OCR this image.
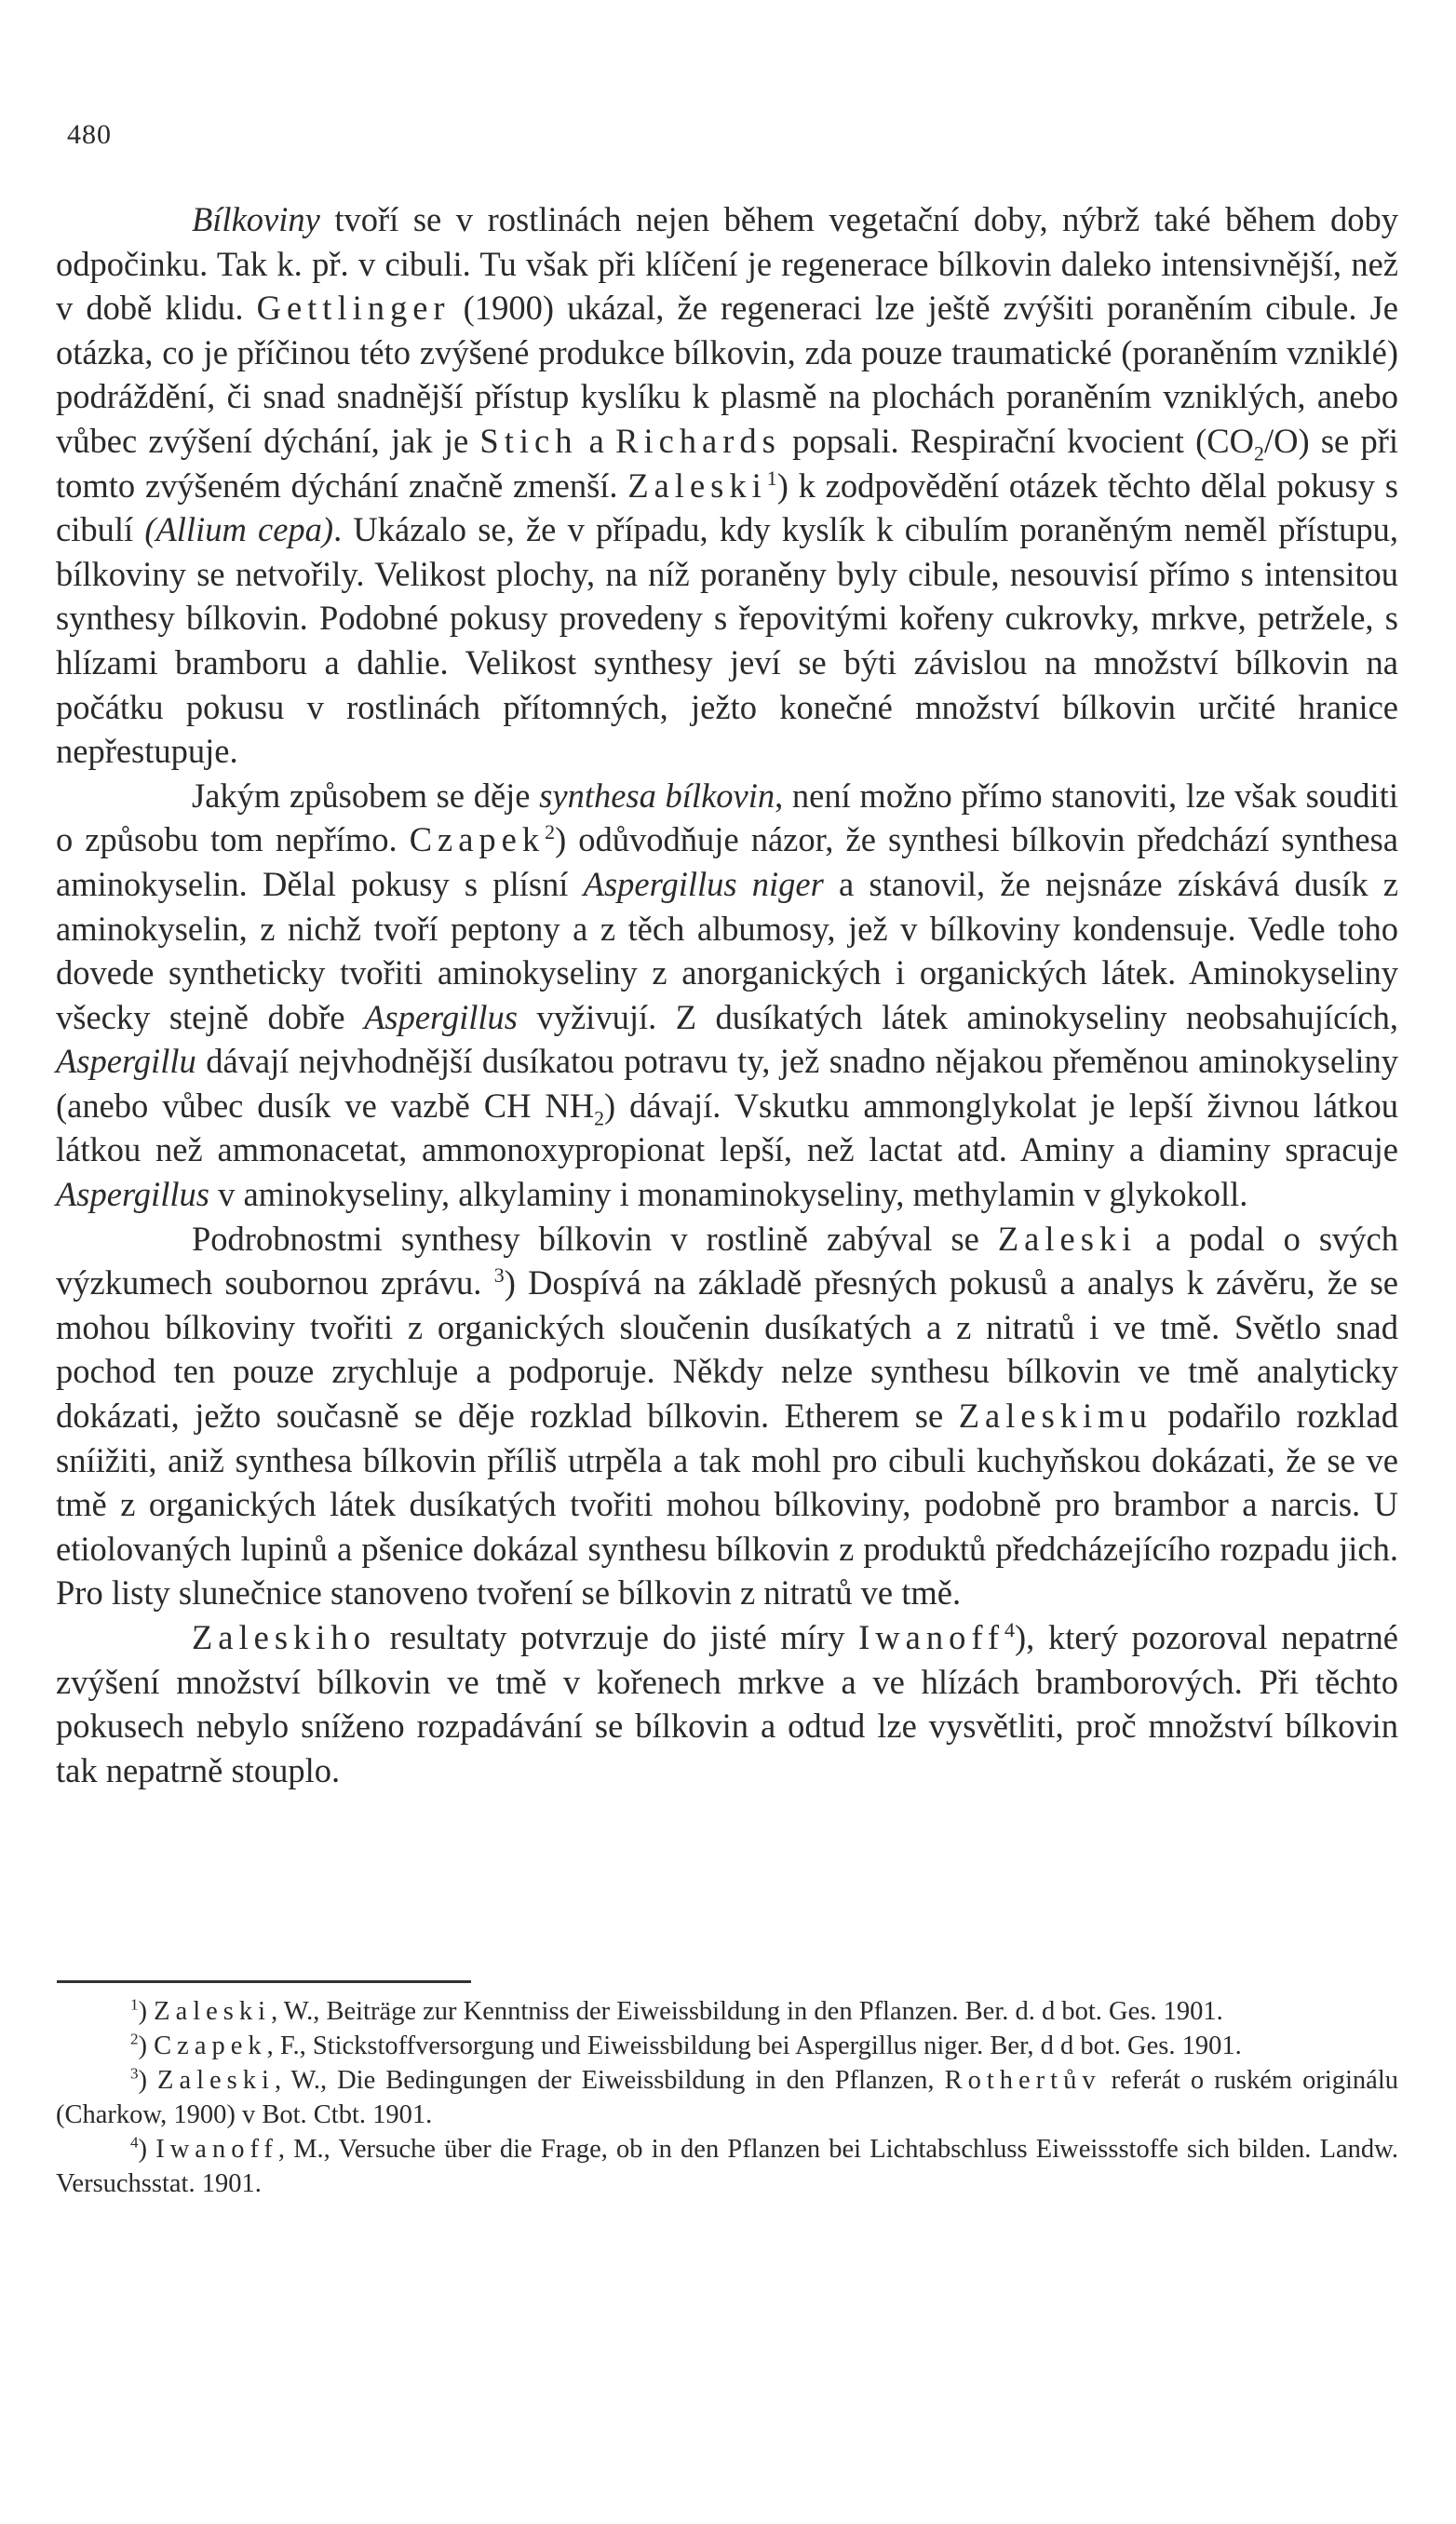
480

Bílkoviny tvoří se v rostlinách nejen během vegetační doby, nýbrž také během doby odpočinku. Tak k. př. v cibuli. Tu však při klíčení je regenerace bílkovin daleko intensivnější, než v době klidu. Gettlinger (1900) ukázal, že regeneraci lze ještě zvýšiti poraněním cibule. Je otázka, co je příčinou této zvýšené produkce bílkovin, zda pouze traumatické (poraněním vzniklé) podráždění, či snad snadnější přístup kyslíku k plasmě na plochách poraněním vzniklých, anebo vůbec zvýšení dýchání, jak je Stich a Richards popsali. Respirační kvocient $(CO_2/O)$ se při tomto zvýšeném dýchání značně zmenší. Zaleski$^1$) k zodpovědění otázek těchto dělal pokusy s cibulí (Allium cepa). Ukázalo se, že v případu, kdy kyslík k cibulím poraněným neměl přístupu, bílkoviny se netvořily. Velikost plochy, na níž poraněny byly cibule, nesouvisí přímo s intensitou synthesy bílkovin. Podobné pokusy provedeny s řepovitými kořeny cukrovky, mrkve, petržele, s hlízami bramboru a dahlie. Velikost synthesy jeví se býti závislou na množství bílkovin na počátku pokusu v rostlinách přítomných, ježto konečné množství bílkovin určité hranice nepřestupuje.

Jakým způsobem se děje synthesa bílkovin, není možno přímo stanoviti, lze však souditi o způsobu tom nepřímo. Czapek$^2$) odůvodňuje názor, že synthesi bílkovin předchází synthesa aminokyselin. Dělal pokusy s plísní Aspergillus niger a stanovil, že nejsnáze získává dusík z aminokyselin, z nichž tvoří peptony a z těch albumosy, jež v bílkoviny kondensuje. Vedle toho dovede syntheticky tvořiti aminokyseliny z anorganických i organických látek. Aminokyseliny všecky stejně dobře Aspergillus vyživují. Z dusíkatých látek aminokyseliny neobsahujících, Aspergillu dávají nejvhodnější dusíkatou potravu ty, jež snadno nějakou přeměnou aminokyseliny (anebo vůbec dusík ve vazbě CH $NH_2$) dávají. Vskutku ammonglykolat je lepší živnou látkou látkou než ammonacetat, ammonoxypropionat lepší, než lactat atd. Aminy a diaminy spracuje Aspergillus v aminokyseliny, alkylaminy i monaminokyseliny, methylamin v glykokoll.

Podrobnostmi synthesy bílkovin v rostlině zabýval se Zaleski a podal o svých výzkumech soubornou zprávu. $^3$) Dospívá na základě přesných pokusů a analys k závěru, že se mohou bílkoviny tvořiti z organických sloučenin dusíkatých a z nitratů i ve tmě. Světlo snad pochod ten pouze zrychluje a podporuje. Někdy nelze synthesu bílkovin ve tmě analyticky dokázati, ježto současně se děje rozklad bílkovin. Etherem se Zaleskimu podařilo rozklad sníižiti, aniž synthesa bílkovin příliš utrpěla a tak mohl pro cibuli kuchyňskou dokázati, že se ve tmě z organických látek dusíkatých tvořiti mohou bílkoviny, podobně pro brambor a narcis. U etiolovaných lupinů a pšenice dokázal synthesu bílkovin z produktů předcházejícího rozpadu jich. Pro listy slunečnice stanoveno tvoření se bílkovin z nitratů ve tmě.

Zaleskiho resultaty potvrzuje do jisté míry Iwanoff$^4$), který pozoroval nepatrné zvýšení množství bílkovin ve tmě v kořenech mrkve a ve hlízách bramborových. Při těchto pokusech nebylo sníženo rozpadávání se bílkovin a odtud lze vysvětliti, proč množství bílkovin tak nepatrně stouplo.

$^1$) Zaleski, W., Beiträge zur Kenntniss der Eiweissbildung in den Pflanzen. Ber. d. d bot. Ges. 1901.

$^2$) Czapek, F., Stickstoffversorgung und Eiweissbildung bei Aspergillus niger. Ber, d d bot. Ges. 1901.

$^3$) Zaleski, W., Die Bedingungen der Eiweissbildung in den Pflanzen, Rothertův referát o ruském originálu (Charkow, 1900) v Bot. Ctbt. 1901.

$^4$) Iwanoff, M., Versuche über die Frage, ob in den Pflanzen bei Lichtabschluss Eiweissstoffe sich bilden. Landw. Versuchsstat. 1901.
